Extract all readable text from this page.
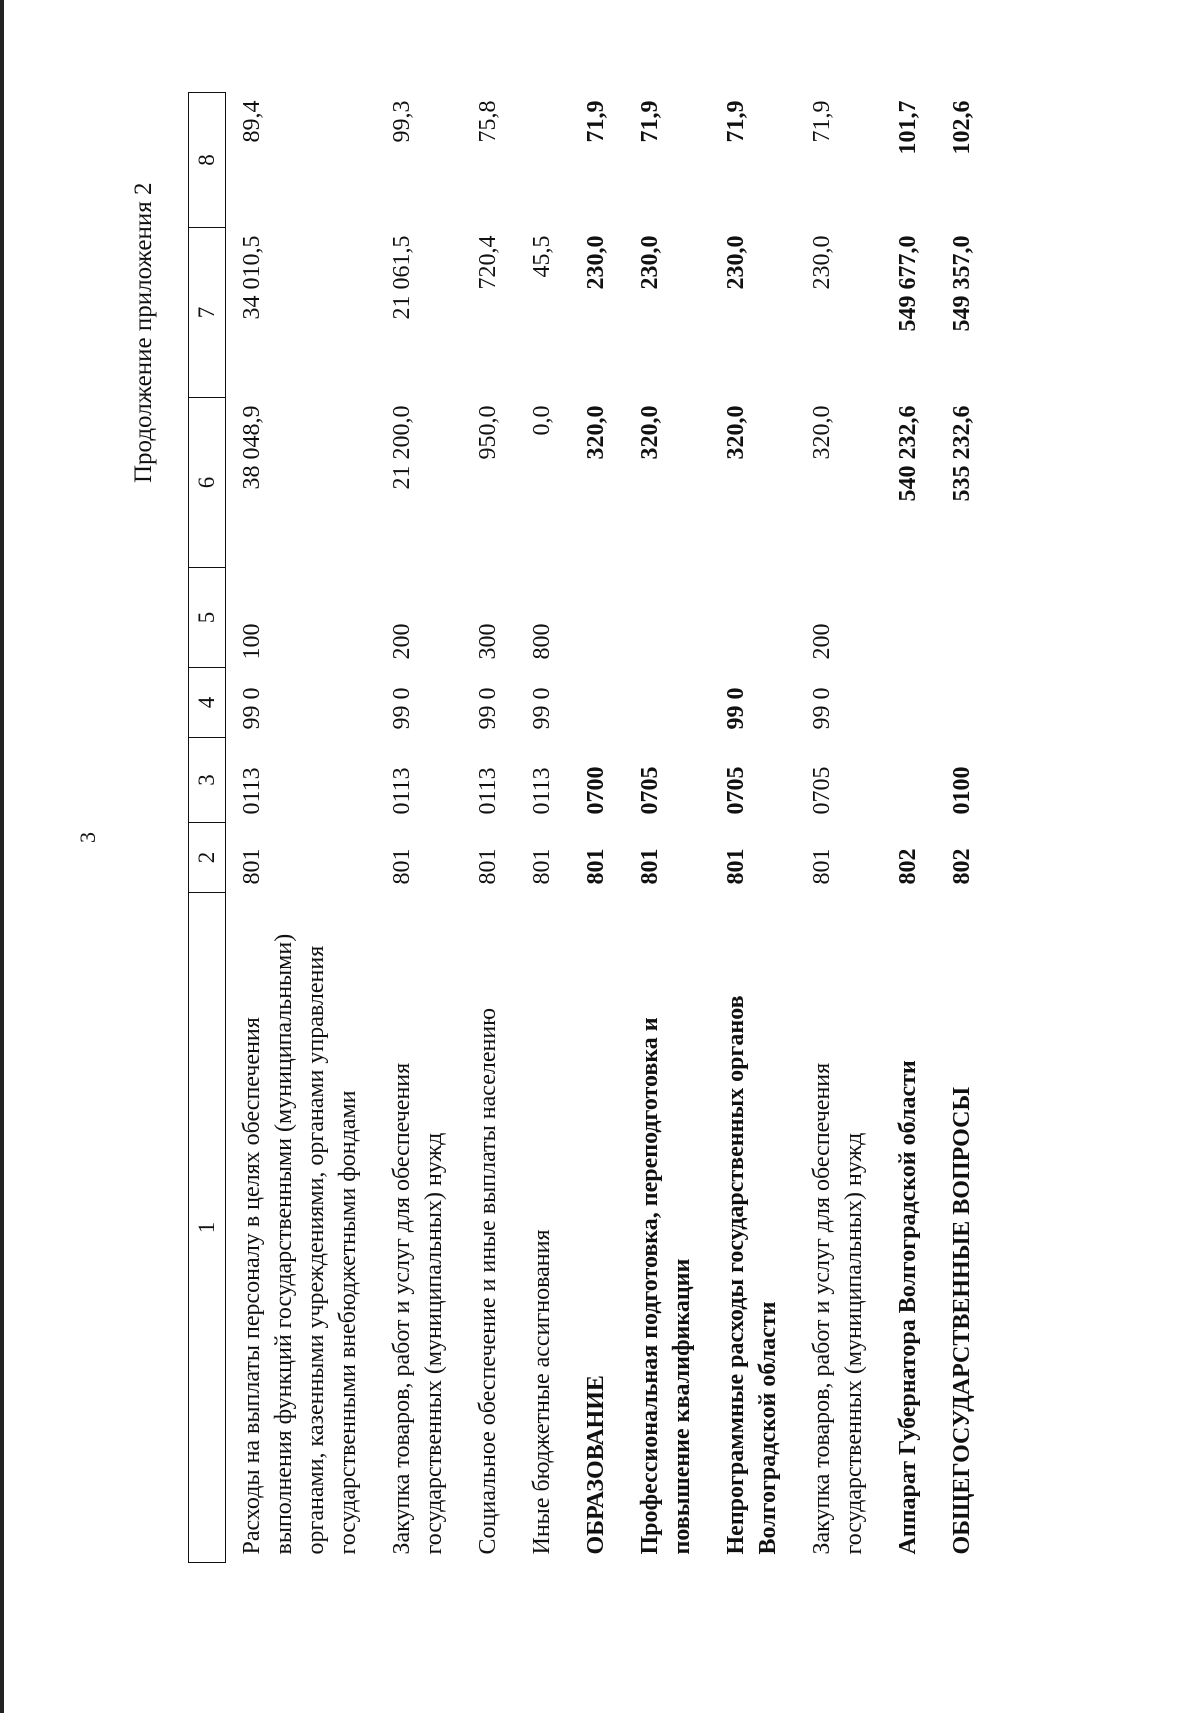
3
Продолжение приложения 2
1	2	3	4	5	6	7	8
Расходы на выплаты персоналу в целях обеспечения выполнения функций государственными (муниципальными) органами, казенными учреждениями, органами управления государственными внебюджетными фондами	801	0113	99 0	100	38 048,9	34 010,5	89,4
Закупка товаров, работ и услуг для обеспечения государственных (муниципальных) нужд	801	0113	99 0	200	21 200,0	21 061,5	99,3
Социальное обеспечение и иные выплаты населению	801	0113	99 0	300	950,0	720,4	75,8
Иные бюджетные ассигнования	801	0113	99 0	800	0,0	45,5	
ОБРАЗОВАНИЕ	801	0700			320,0	230,0	71,9
Профессиональная подготовка, переподготовка и повышение квалификации	801	0705			320,0	230,0	71,9
Непрограммные расходы государственных органов Волгоградской области	801	0705	99 0		320,0	230,0	71,9
Закупка товаров, работ и услуг для обеспечения государственных (муниципальных) нужд	801	0705	99 0	200	320,0	230,0	71,9
Аппарат Губернатора Волгоградской области	802				540 232,6	549 677,0	101,7
ОБЩЕГОСУДАРСТВЕННЫЕ ВОПРОСЫ	802	0100			535 232,6	549 357,0	102,6
